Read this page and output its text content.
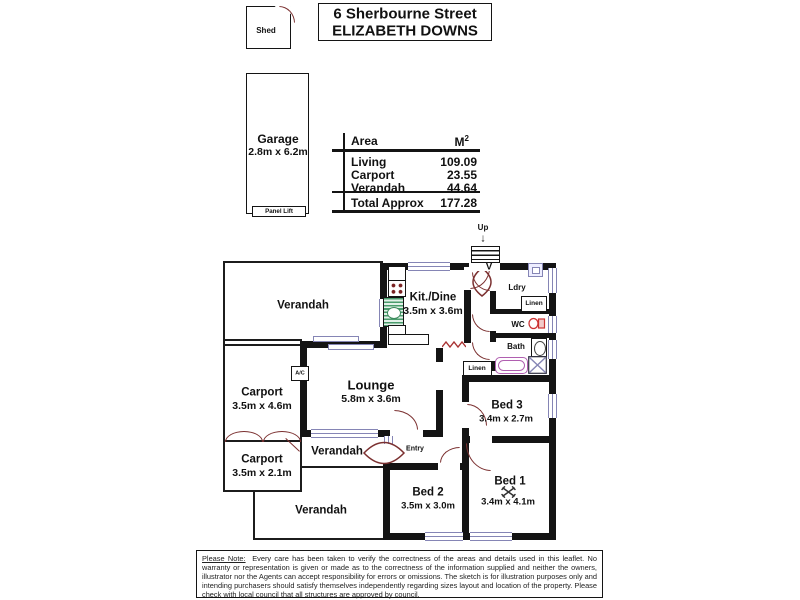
Shed
6 Sherbourne Street
ELIZABETH DOWNS
Garage
2.8m x 6.2m
Panel Lift
Area	$M^2$
Living	109.09
Carport	23.55
Verandah	44.64
Total Approx 177.28
Up
↓
V
Linen
Linen
A/C
Verandah
Kit./Dine
3.5m x 3.6m
Ldry
WC
Bath
Lounge
5.8m x 3.6m
Carport
3.5m x 4.6m
Carport
3.5m x 2.1m
Verandah	Entry
Bed 3
3.4m x 2.7m
Bed 2
3.5m x 3.0m
Bed 1
3.4m x 4.1m
Verandah
Please Note: Every care has been taken to verify the correctness of the areas and details used in this leaflet. No warranty or representation is given or made as to the correctness of the information supplied and neither the owners, illustrator nor the Agents can accept responsibility for errors or omissions. The sketch is for illustration purposes only and intending purchasers should satisfy themselves independently regarding sizes layout and location of the property. Please check with local council that all structures are approved by council.
